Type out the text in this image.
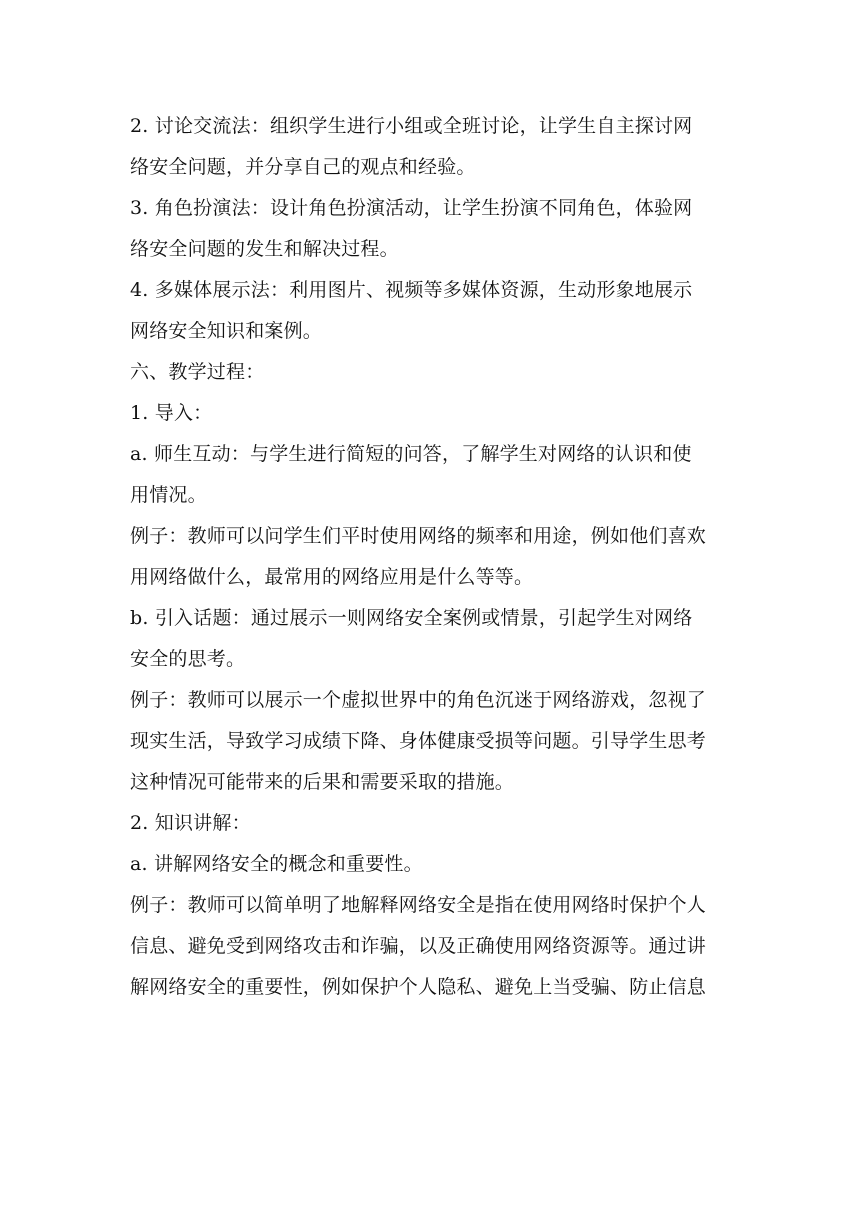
2. 讨论交流法：组织学生进行小组或全班讨论，让学生自主探讨网

络安全问题，并分享自己的观点和经验。

3. 角色扮演法：设计角色扮演活动，让学生扮演不同角色，体验网

络安全问题的发生和解决过程。

4. 多媒体展示法：利用图片、视频等多媒体资源，生动形象地展示

网络安全知识和案例。

六、教学过程：

1. 导入：

a. 师生互动：与学生进行简短的问答，了解学生对网络的认识和使

用情况。

例子：教师可以问学生们平时使用网络的频率和用途，例如他们喜欢

用网络做什么，最常用的网络应用是什么等等。

b. 引入话题：通过展示一则网络安全案例或情景，引起学生对网络

安全的思考。

例子：教师可以展示一个虚拟世界中的角色沉迷于网络游戏，忽视了

现实生活，导致学习成绩下降、身体健康受损等问题。引导学生思考

这种情况可能带来的后果和需要采取的措施。

2. 知识讲解：

a. 讲解网络安全的概念和重要性。

例子：教师可以简单明了地解释网络安全是指在使用网络时保护个人

信息、避免受到网络攻击和诈骗，以及正确使用网络资源等。通过讲

解网络安全的重要性，例如保护个人隐私、避免上当受骗、防止信息
